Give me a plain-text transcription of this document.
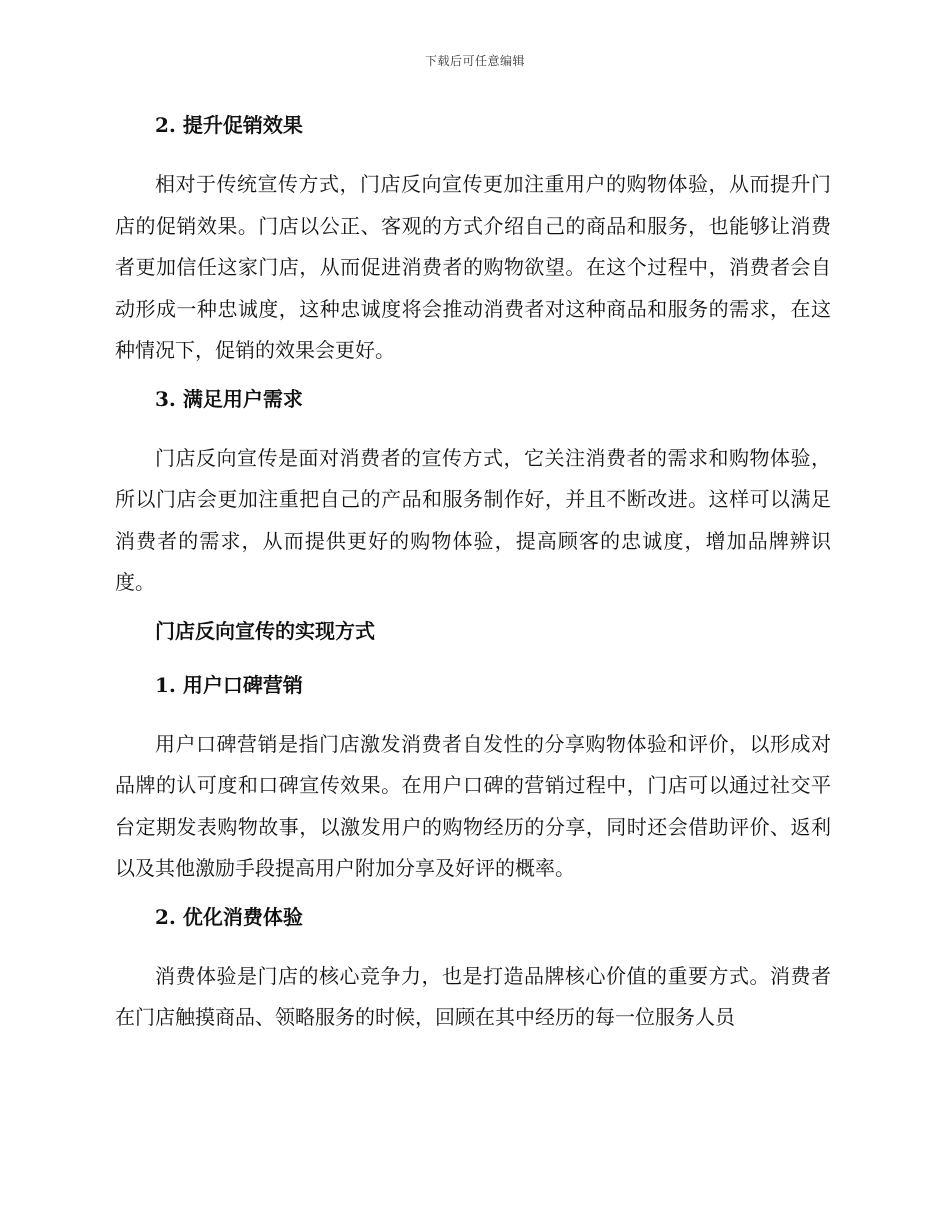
下载后可任意编辑
2. 提升促销效果

相对于传统宣传方式，门店反向宣传更加注重用户的购物体验，从而提升门店的促销效果。门店以公正、客观的方式介绍自己的商品和服务，也能够让消费者更加信任这家门店，从而促进消费者的购物欲望。在这个过程中，消费者会自动形成一种忠诚度，这种忠诚度将会推动消费者对这种商品和服务的需求，在这种情况下，促销的效果会更好。

3. 满足用户需求

门店反向宣传是面对消费者的宣传方式，它关注消费者的需求和购物体验，所以门店会更加注重把自己的产品和服务制作好，并且不断改进。这样可以满足消费者的需求，从而提供更好的购物体验，提高顾客的忠诚度，增加品牌辨识度。

门店反向宣传的实现方式
1. 用户口碑营销

用户口碑营销是指门店激发消费者自发性的分享购物体验和评价，以形成对品牌的认可度和口碑宣传效果。在用户口碑的营销过程中，门店可以通过社交平台定期发表购物故事，以激发用户的购物经历的分享，同时还会借助评价、返利以及其他激励手段提高用户附加分享及好评的概率。

2. 优化消费体验

消费体验是门店的核心竞争力，也是打造品牌核心价值的重要方式。消费者在门店触摸商品、领略服务的时候，回顾在其中经历的每一位服务人员
